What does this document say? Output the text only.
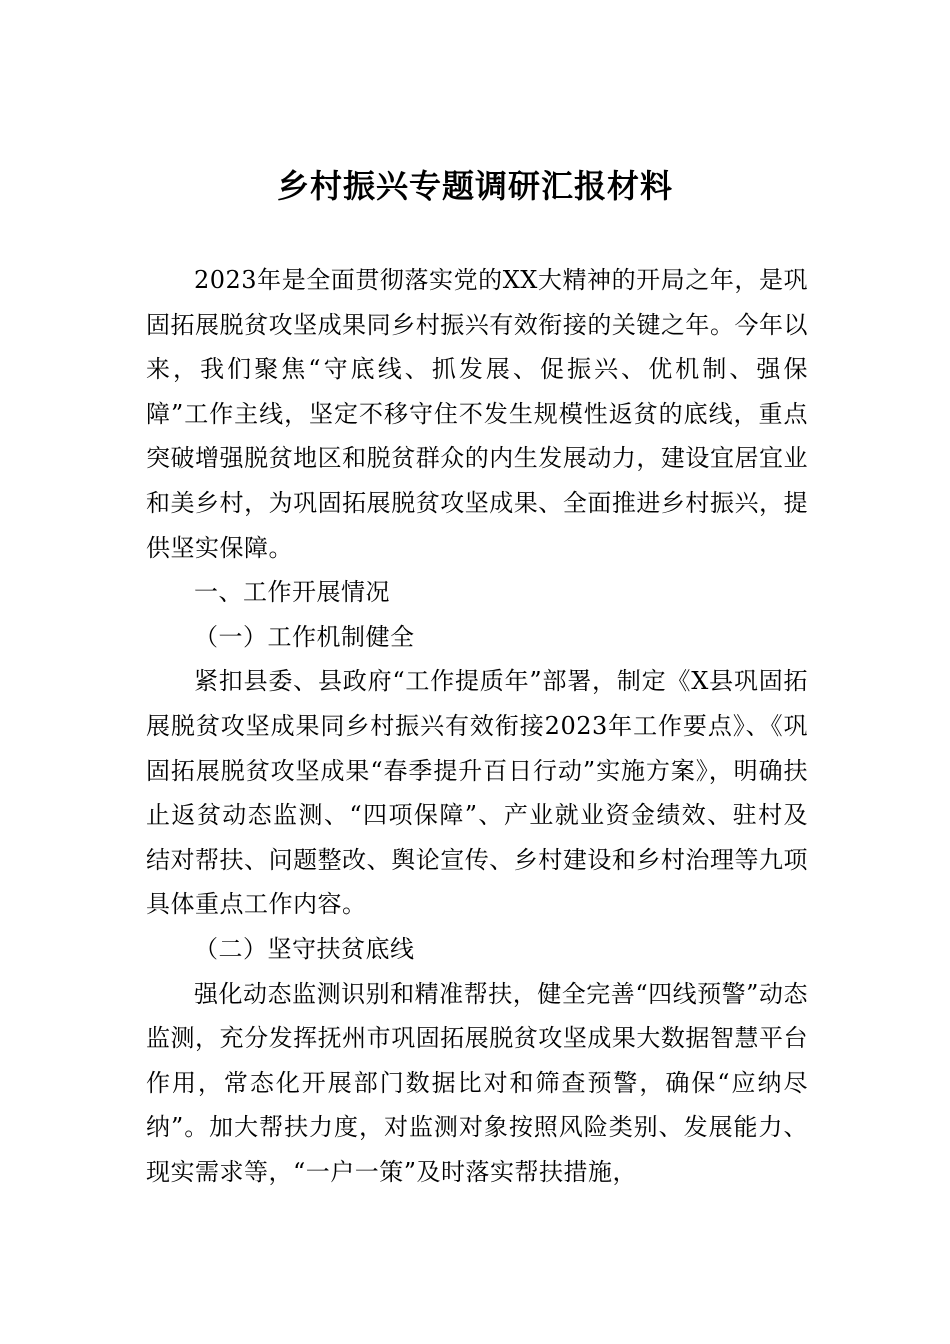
乡村振兴专题调研汇报材料

2023年是全面贯彻落实党的XX大精神的开局之年，是巩固拓展脱贫攻坚成果同乡村振兴有效衔接的关键之年。今年以来，我们聚焦“守底线、抓发展、促振兴、优机制、强保障”工作主线，坚定不移守住不发生规模性返贫的底线，重点突破增强脱贫地区和脱贫群众的内生发展动力，建设宜居宜业和美乡村，为巩固拓展脱贫攻坚成果、全面推进乡村振兴，提供坚实保障。

一、工作开展情况

（一）工作机制健全

紧扣县委、县政府“工作提质年”部署，制定《X县巩固拓展脱贫攻坚成果同乡村振兴有效衔接2023年工作要点》、《巩固拓展脱贫攻坚成果“春季提升百日行动”实施方案》，明确扶止返贫动态监测、“四项保障”、产业就业资金绩效、驻村及结对帮扶、问题整改、舆论宣传、乡村建设和乡村治理等九项具体重点工作内容。

（二）坚守扶贫底线

强化动态监测识别和精准帮扶，健全完善“四线预警”动态监测，充分发挥抚州市巩固拓展脱贫攻坚成果大数据智慧平台作用，常态化开展部门数据比对和筛查预警，确保“应纳尽纳”。加大帮扶力度，对监测对象按照风险类别、发展能力、现实需求等，“一户一策”及时落实帮扶措施，
